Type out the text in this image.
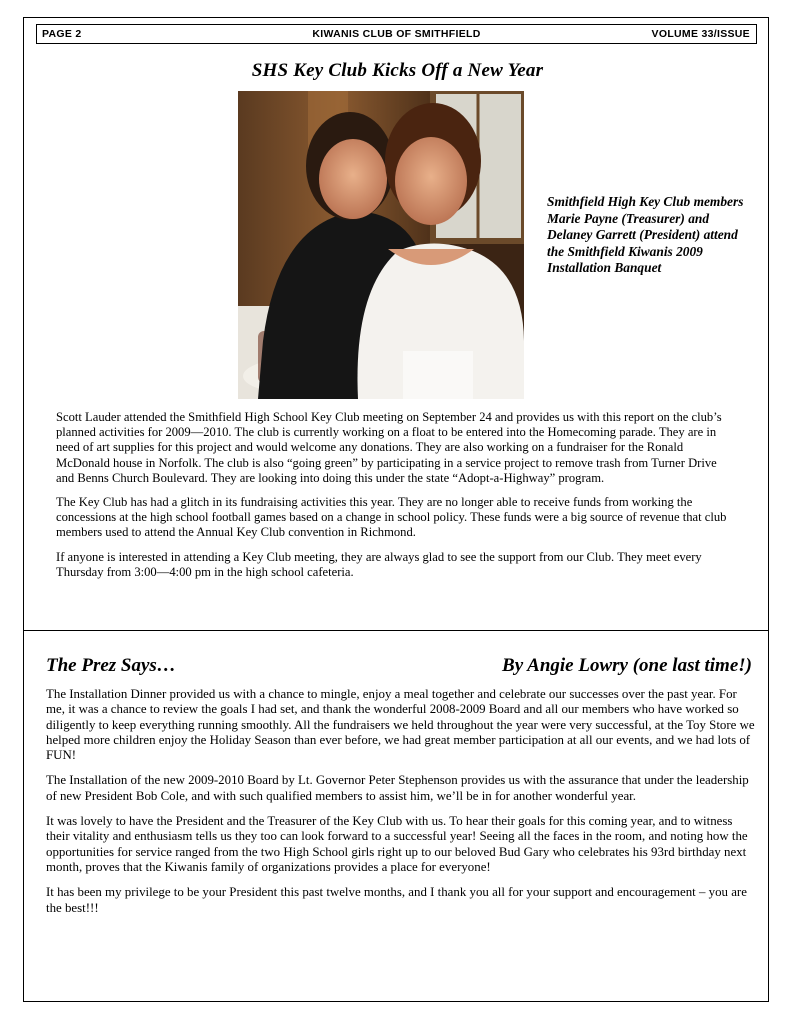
KIWANIS CLUB OF SMITHFIELD
PAGE 2	VOLUME 33/ISSUE
SHS Key Club Kicks Off a New Year
Smithfield High Key Club members Marie Payne (Treasurer) and Delaney Garrett (President) attend the Smithfield Kiwanis 2009 Installation Banquet

Scott Lauder attended the Smithfield High School Key Club meeting on September 24 and provides us with this report on the club’s planned activities for 2009—2010. The club is currently working on a float to be entered into the Homecoming parade. They are in need of art supplies for this project and would welcome any donations. They are also working on a fundraiser for the Ronald McDonald house in Norfolk. The club is also “going green” by participating in a service project to remove trash from Turner Drive and Benns Church Boulevard. They are looking into doing this under the state “Adopt-a-Highway” program.

The Key Club has had a glitch in its fundraising activities this year. They are no longer able to receive funds from working the concessions at the high school football games based on a change in school policy. These funds were a big source of revenue that club members used to attend the Annual Key Club convention in Richmond.

If anyone is interested in attending a Key Club meeting, they are always glad to see the support from our Club. They meet every Thursday from 3:00—4:00 pm in the high school cafeteria.

The Prez Says…	By Angie Lowry (one last time!)

The Installation Dinner provided us with a chance to mingle, enjoy a meal together and celebrate our successes over the past year. For me, it was a chance to review the goals I had set, and thank the wonderful 2008-2009 Board and all our members who have worked so diligently to keep everything running smoothly. All the fundraisers we held throughout the year were very successful, at the Toy Store we helped more children enjoy the Holiday Season than ever before, we had great member participation at all our events, and we had lots of FUN!

The Installation of the new 2009-2010 Board by Lt. Governor Peter Stephenson provides us with the assurance that under the leadership of new President Bob Cole, and with such qualified members to assist him, we’ll be in for another wonderful year.

It was lovely to have the President and the Treasurer of the Key Club with us. To hear their goals for this coming year, and to witness their vitality and enthusiasm tells us they too can look forward to a successful year! Seeing all the faces in the room, and noting how the opportunities for service ranged from the two High School girls right up to our beloved Bud Gary who celebrates his 93rd birthday next month, proves that the Kiwanis family of organizations provides a place for everyone!

It has been my privilege to be your President this past twelve months, and I thank you all for your support and encouragement – you are the best!!!
